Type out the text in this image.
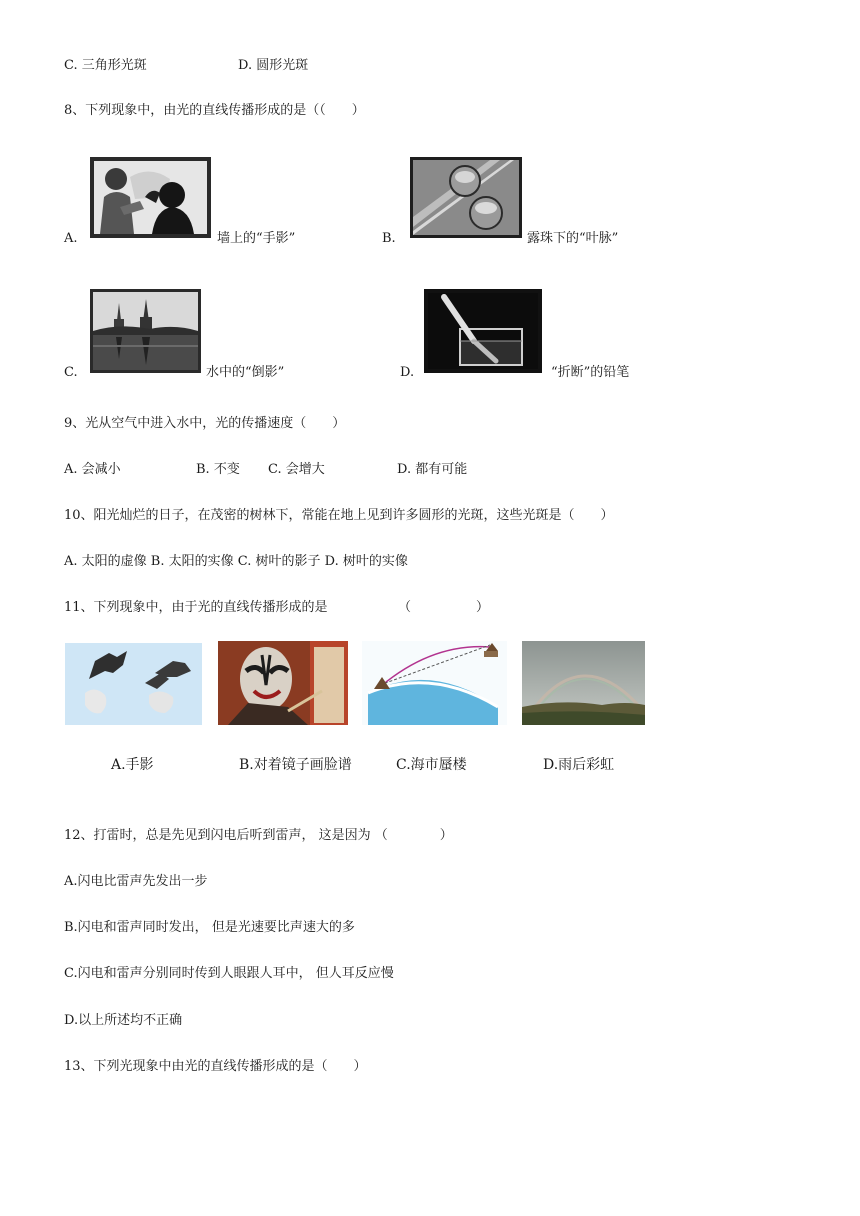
C. 三角形光斑	D. 圆形光斑
8、下列现象中，由光的直线传播形成的是（（　　）
A.	墙上的“手影”	B.	露珠下的“叶脉”
C.	水中的“倒影”	D.	“折断”的铅笔
9、光从空气中进入水中，光的传播速度（　　）
A. 会减小	B. 不变 C. 会增大	D. 都有可能
10、阳光灿烂的日子，在茂密的树林下，常能在地上见到许多圆形的光斑，这些光斑是（　　）
A. 太阳的虚像 B. 太阳的实像 C. 树叶的影子 D. 树叶的实像
11、下列现象中，由于光的直线传播形成的是	（　　　　　）
A.手影	B.对着镜子画脸谱	C.海市蜃楼	D.雨后彩虹
12、打雷时，总是先见到闪电后听到雷声， 这是因为 （　　　　）
A.闪电比雷声先发出一步
B.闪电和雷声同时发出， 但是光速要比声速大的多
C.闪电和雷声分别同时传到人眼跟人耳中， 但人耳反应慢
D.以上所述均不正确
13、下列光现象中由光的直线传播形成的是（　　）
